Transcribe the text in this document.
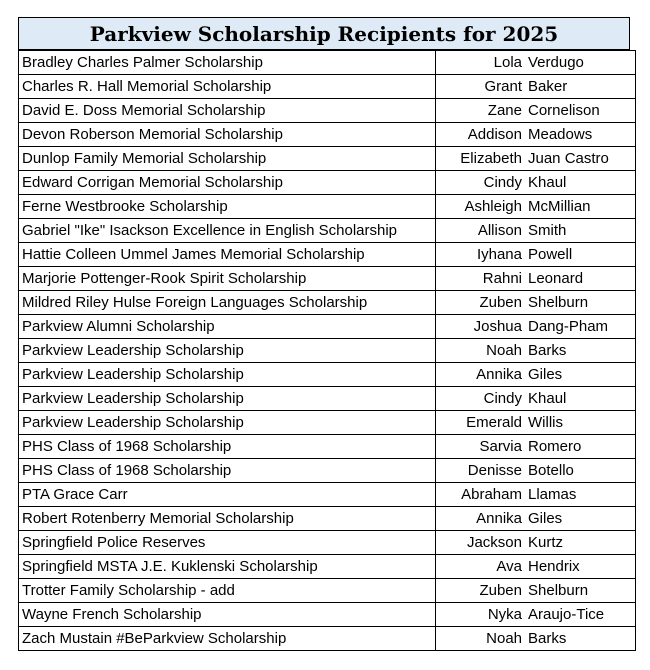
Parkview Scholarship Recipients for 2025
Bradley Charles Palmer Scholarship	Lola Verdugo

Charles R. Hall Memorial Scholarship	Grant Baker

David E. Doss Memorial Scholarship	Zane Cornelison

Devon Roberson Memorial Scholarship	Addison Meadows

Dunlop Family Memorial Scholarship	Elizabeth Juan Castro

Edward Corrigan Memorial Scholarship	Cindy Khaul

Ferne Westbrooke Scholarship	Ashleigh McMillian

Gabriel "Ike" Isackson Excellence in English Scholarship	Allison Smith

Hattie Colleen Ummel James Memorial Scholarship	Iyhana Powell

Marjorie Pottenger-Rook Spirit Scholarship	Rahni Leonard

Mildred Riley Hulse Foreign Languages Scholarship	Zuben Shelburn

Parkview Alumni Scholarship	Joshua Dang-Pham

Parkview Leadership Scholarship	Noah Barks

Parkview Leadership Scholarship	Annika Giles

Parkview Leadership Scholarship	Cindy Khaul

Parkview Leadership Scholarship	Emerald Willis

PHS Class of 1968 Scholarship	Sarvia Romero

PHS Class of 1968 Scholarship	Denisse Botello

PTA Grace Carr	Abraham Llamas

Robert Rotenberry Memorial Scholarship	Annika Giles

Springfield Police Reserves	Jackson Kurtz

Springfield MSTA J.E. Kuklenski Scholarship	Ava Hendrix

Trotter Family Scholarship - add	Zuben Shelburn

Wayne French Scholarship	Nyka Araujo-Tice

Zach Mustain #BeParkview Scholarship	Noah Barks
